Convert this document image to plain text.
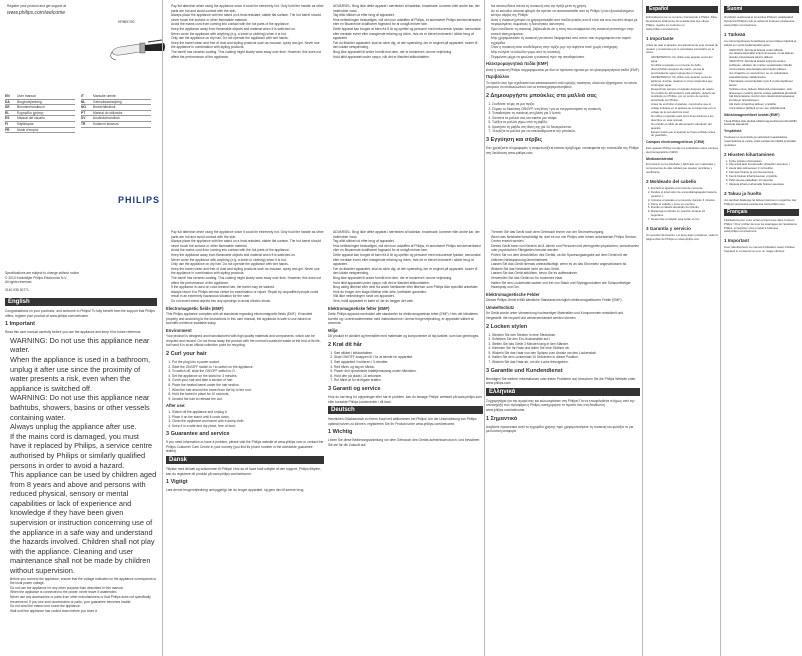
Register your product and get support at
www.philips.com/welcome
HP8697/00
EN	User manual
DA	Brugervejledning
DE	Benutzerhandbuch
EL	Εγχειρίδιο χρήσης
ES	Manual del usuario
FI	Käyttöopas
FR	Mode d'emploi
IT	Manuale utente
NL	Gebruiksaanwijzing
NO	Brukerhåndbok
PT	Manual do utilizador
SV	Användarhandbok
TR	Kullanım kılavuzu
PHILIPS
Specifications are subject to change without notice
© 2010 Koninklijke Philips Electronics N.V.
All rights reserved.
3140 035 30771
English

Congratulations on your purchase, and welcome to Philips! To fully benefit from the support that Philips offers, register your product at www.philips.com/welcome.

1 Important

Read this user manual carefully before you use the appliance and keep it for future reference.

• WARNING: Do not use this appliance near water.
• When the appliance is used in a bathroom, unplug it after use since the proximity of water presents a risk, even when the appliance is switched off.
• WARNING: Do not use this appliance near bathtubs, showers, basins or other vessels containing water.
• Always unplug the appliance after use.
• If the mains cord is damaged, you must have it replaced by Philips, a service centre authorised by Philips or similarly qualified persons in order to avoid a hazard.
• This appliance can be used by children aged from 8 years and above and persons with reduced physical, sensory or mental capabilities or lack of experience and knowledge if they have been given supervision or instruction concerning use of the appliance in a safe way and understand the hazards involved. Children shall not play with the appliance. Cleaning and user maintenance shall not be made by children without supervision.
• Before you connect the appliance, ensure that the voltage indicated on the appliance corresponds to the local power voltage.
• Do not use the appliance for any other purpose than described in this manual.
• When the appliance is connected to the power, never leave it unattended.
• Never use any accessories or parts from other manufacturers or that Philips does not specifically recommend. If you use such accessories or parts, your guarantee becomes invalid.
• Do not wind the mains cord round the appliance.
• Wait until the appliance has cooled down before you store it.
• Pay full attention when using the appliance since it could be extremely hot. Only hold the handle as other parts are hot and avoid contact with the skin.
• Always place the appliance with the stand on a heat-resistant, stable flat surface. The hot barrel should never touch the surface or other flammable material.
• Avoid the mains cord from coming into contact with the hot parts of the appliance.
• Keep the appliance away from flammable objects and material when it is switched on.
• Never cover the appliance with anything (e.g. a towel or clothing) when it is hot.
• Only use the appliance on dry hair. Do not operate the appliance with wet hands.
• Keep the barrel clean and free of dust and styling products such as mousse, spray and gel. Never use the appliance in combination with styling products.
• The barrel has ceramic coating. This coating might slowly wear away over time. However, this does not affect the performance of the appliance.
• If the appliance is used on color-treated hair, the barrel may be stained.
• Always return it to Philips service centre for examination or repair. Repair by unqualified people could result in an extremely hazardous situation for the user.
• Do not insert metal objects into any openings to avoid electric shock.
Electromagnetic fields (EMF)

This Philips appliance complies with all standards regarding electromagnetic fields (EMF). If handled properly and according to the instructions in this user manual, the appliance is safe to use based on scientific evidence available today.

Environment

Your product is designed and manufactured with high quality materials and components, which can be recycled and reused. Do not throw away the product with the normal household waste at the end of its life, but hand it in at an official collection point for recycling.

2 Curl your hair
1. Put the plug into a power socket.
2. Slide the ON/OFF switch to I to switch on the appliance.
3. To switch off, slide the ON/OFF switch to O.
4. Set the appliance on the stand for 3 minutes.
5. Comb your hair and take a section of hair.
6. Place the heated barrel under the hair section.
7. Wind the hair around the barrel from the tip to the root.
8. Hold the barrel in place for 10 seconds.
9. Unwind the hair to release the curl.
After use:
1. Switch off the appliance and unplug it.
2. Place it on the stand until it cools down.
3. Clean the appliance and barrel with a damp cloth.
4. Keep it in a safe and dry place, free of dust.
3 Guarantee and service

If you need information or have a problem, please visit the Philips website at www.philips.com or contact the Philips Customer Care Centre in your country (you find its phone number in the worldwide guarantee leaflet).

Dansk

Tillykke med dit køb og velkommen til Philips! Hvis du vil have fuldt udbytte af den support, Philips tilbyder, kan du registrere dit produkt på www.philips.com/welcome.

1 Vigtigt

Læs denne brugervejledning omhyggeligt, før du bruger apparatet, og gem den til senere brug.

• ADVARSEL: Brug ikke dette apparat i nærheden af badekar, brusebade, kummer eller andre kar, der indeholder vand.
• Tag altid stikket ud efter brug af apparatet.
• Hvis netledningen beskadiges, må den kun udskiftes af Philips, et autoriseret Philips serviceværksted eller en tilsvarende kvalificeret fagmand for at undgå enhver fare.
• Dette apparat kan bruges af børn fra 8 år og opefter og personer med reducerede fysiske, sensoriske eller mentale evner eller manglende erfaring og viden, hvis de er blevet instrueret i sikker brug af apparatet.
• Før du tilslutter apparatet, skal du sikre dig, at den spænding, der er angivet på apparatet, svarer til den lokale netspænding.
• Brug ikke apparatet til andre formål end dem, der er beskrevet i denne vejledning.
• Hold altid apparatet under opsyn, når det er tilsluttet stikkontakten.
• Brug aldrig tilbehør eller dele fra andre fabrikanter eller tilbehør, som Philips ikke specifikt anbefaler. Hvis du bruger den slags tilbehør eller dele, bortfalder garantien.
• Vikl ikke netledningen rundt om apparatet.
• Vent, indtil apparatet er kølet af, før du lægger det væk.
Elektromagnetiske felter (EMF)

Dette Philips apparat overholder alle standarder for elektromagnetiske felter (EMF). Hvis det håndteres korrekt og i overensstemmelse med instruktionerne i denne brugervejledning, er apparatet sikkert at anvende.

Miljø

Dit produkt er udviklet og fremstillet med materialer og komponenter af høj kvalitet, som kan genbruges.

2 Krøl dit hår
1. Sæt stikket i stikkontakten.
2. Skub ON/OFF-knappen til I for at tænde for apparatet.
3. Sæt apparatet i holderen i 3 minutter.
4. Red håret, og tag en hårlok.
5. Placer den opvarmede krøllejernsstang under hårlokken.
6. Hold den på plads i 10 sekunder.
7. Rul håret af for at frigøre krøllen.
3 Garanti og service

Hvis du har brug for oplysninger eller har et problem, kan du besøge Philips' websted på www.philips.com eller kontakte Philips kundecenter i dit land.

Deutsch

Herzlichen Glückwunsch zu Ihrem Kauf und willkommen bei Philips! Um die Unterstützung von Philips optimal nutzen zu können, registrieren Sie Ihr Produkt unter www.philips.com/welcome.

1 Wichtig

Lesen Sie diese Bedienungsanleitung vor dem Gebrauch des Geräts aufmerksam durch, und bewahren Sie sie für die Zukunft auf.

• Trennen Sie das Gerät nach dem Gebrauch immer von der Stromversorgung.
• Wenn das Netzkabel beschädigt ist, darf es nur von Philips oder einem autorisierten Philips Service-Center ersetzt werden.
• Dieses Gerät kann von Kindern ab 8 Jahren und Personen mit verringerten physischen, sensorischen oder psychischen Fähigkeiten benutzt werden.
• Prüfen Sie vor dem Anschließen des Geräts, ob die Spannungsangabe auf dem Gerät mit der örtlichen Netzspannung übereinstimmt.
• Lassen Sie das Gerät niemals unbeaufsichtigt, wenn es an das Stromnetz angeschlossen ist.
• Wickeln Sie das Netzkabel nicht um das Gerät.
• Lassen Sie das Gerät abkühlen, bevor Sie es aufbewahren.
• Verwenden Sie das Gerät nur für trockenes Haar.
• Halten Sie den Lockenstab sauber und frei von Staub und Stylingprodukten wie Schaumfestiger, Haarspray und Gel.
Elektromagnetische Felder

Dieses Philips Gerät erfüllt sämtliche Standards bezüglich elektromagnetischer Felder (EMF).

Umweltschutz

Ihr Gerät wurde unter Verwendung hochwertiger Materialien und Komponenten entwickelt und hergestellt, die recycelt und wiederverwendet werden können.

2 Locken stylen
1. Stecken Sie den Stecker in eine Steckdose.
2. Schieben Sie den Ein-/Ausschalter auf I.
3. Stellen Sie das Gerät 3 Minuten lang in den Ständer.
4. Kämmen Sie Ihr Haar und teilen Sie eine Strähne ab.
5. Wickeln Sie das Haar von den Spitzen zum Ansatz um den Lockenstab.
6. Halten Sie den Lockenstab 10 Sekunden in dieser Position.
7. Wickeln Sie das Haar ab, um die Locke freizugeben.
3 Garantie und Kundendienst

Benötigen Sie weitere Informationen oder treten Probleme auf, besuchen Sie die Philips Website unter www.philips.com.

Ελληνικά

Συγχαρητήρια για την αγορά σας και καλωσορίσατε στη Philips! Για να επωφεληθείτε πλήρως από την υποστήριξη που προσφέρει η Philips, καταχωρήστε το προϊόν σας στη διεύθυνση www.philips.com/welcome.

1 Σημαντικό

Διαβάστε προσεκτικά αυτό το εγχειρίδιο χρήσης πριν χρησιμοποιήσετε τη συσκευή και φυλάξτε το για μελλοντική αναφορά.

• Να αποσυνδέετε πάντα τη συσκευή από την πρίζα μετά τη χρήση.
• Αν το καλώδιο υποστεί φθορά, θα πρέπει να αντικατασταθεί από τη Philips ή ένα εξουσιοδοτημένο κέντρο σέρβις της Philips.
• Αυτή η συσκευή μπορεί να χρησιμοποιηθεί από παιδιά ηλικίας από 8 ετών και άνω και από άτομα με περιορισμένες σωματικές ή διανοητικές ικανότητες.
• Πριν συνδέσετε τη συσκευή, βεβαιωθείτε ότι η τάση που αναφέρεται στη συσκευή αντιστοιχεί στην τοπική τάση ρεύματος.
• Μην χρησιμοποιείτε τη συσκευή για σκοπό διαφορετικό από αυτόν που περιγράφεται στο παρόν εγχειρίδιο.
• Όταν η συσκευή είναι συνδεδεμένη στην πρίζα, μην την αφήνετε ποτέ χωρίς επιτήρηση.
• Μην τυλίγετε το καλώδιο γύρω από τη συσκευή.
• Περιμένετε μέχρι να κρυώσει η συσκευή πριν την αποθηκεύσετε.
Ηλεκτρομαγνητικά πεδία (EMF)

Αυτή η συσκευή Philips συμμορφώνεται με όλα τα πρότυπα σχετικά με τα ηλεκτρομαγνητικά πεδία (EMF).

Περιβάλλον

Το προϊόν σας έχει σχεδιαστεί και κατασκευαστεί από υψηλής ποιότητας υλικά και εξαρτήματα, τα οποία μπορούν να ανακυκλωθούν και να επαναχρησιμοποιηθούν.

2 Δημιουργήστε μπούκλες στα μαλλιά σας
1. Συνδέστε το φις σε μια πρίζα.
2. Σύρετε το διακόπτη ON/OFF στη θέση I για να ενεργοποιήσετε τη συσκευή.
3. Τοποθετήστε τη συσκευή στη βάση για 3 λεπτά.
4. Χτενίστε τα μαλλιά σας και πιάστε μια τούφα.
5. Τυλίξτε τα μαλλιά γύρω από τη ράβδο.
6. Κρατήστε τη ράβδο στη θέση της για 10 δευτερόλεπτα.
7. Ξετυλίξτε τα μαλλιά για να απελευθερώσετε την μπούκλα.
3 Εγγύηση και σέρβις

Εάν χρειάζεστε πληροφορίες ή αντιμετωπίζετε κάποιο πρόβλημα, επισκεφτείτε την ιστοσελίδα της Philips στη διεύθυνση www.philips.com.

• Pay full attention when using the appliance since it could be extremely hot. Only hold the handle as other parts are hot and avoid contact with the skin.
• Always place the appliance with the stand on a heat-resistant, stable flat surface. The hot barrel should never touch the surface or other flammable material.
• Avoid the mains cord from coming into contact with the hot parts of the appliance.
• Keep the appliance away from flammable objects and material when it is switched on.
• Never cover the appliance with anything (e.g. a towel or clothing) when it is hot.
• Only use the appliance on dry hair. Do not operate the appliance with wet hands.
• Keep the barrel clean and free of dust and styling products such as mousse, spray and gel. Never use the appliance in combination with styling products.
• The barrel has ceramic coating. This coating might slowly wear away over time. However, this does not affect the performance of the appliance.
• ADVARSEL: Brug ikke dette apparat i nærheden af badekar, brusebade, kummer eller andre kar, der indeholder vand.
• Tag altid stikket ud efter brug af apparatet.
• Hvis netledningen beskadiges, må den kun udskiftes af Philips, et autoriseret Philips serviceværksted eller en tilsvarende kvalificeret fagmand for at undgå enhver fare.
• Dette apparat kan bruges af børn fra 8 år og opefter og personer med reducerede fysiske, sensoriske eller mentale evner eller manglende erfaring og viden, hvis de er blevet instrueret i sikker brug af apparatet.
• Før du tilslutter apparatet, skal du sikre dig, at den spænding, der er angivet på apparatet, svarer til den lokale netspænding.
• Brug ikke apparatet til andre formål end dem, der er beskrevet i denne vejledning.
• Hold altid apparatet under opsyn, når det er tilsluttet stikkontakten.
Español

Enhorabuena por su compra y bienvenido a Philips. Para beneficiarse totalmente de la asistencia que ofrece Philips, registre su producto en www.philips.com/welcome.

1 Importante

Antes de usar el aparato, lea atentamente este manual de usuario y consérvelo por si necesitara consultarlo en el futuro.

• ADVERTENCIA: No utilice este aparato cerca del agua.
• Si utiliza el aparato en el cuarto de baño, desenchúfelo después de usarlo, ya que la proximidad de agua representa un riesgo.
• ADVERTENCIA: No utilice este aparato cerca de bañeras, duchas, lavabos ni otros recipientes que contengan agua.
• Desenchufe siempre el aparato después de usarlo.
• Si el cable de alimentación está dañado, deberá ser sustituido por Philips, por un centro de servicio autorizado por Philips.
• Antes de enchufar el aparato, compruebe que el voltaje indicado en el aparato se corresponde con el voltaje de la red eléctrica local.
• No utilice el aparato para otros fines distintos a los descritos en este manual.
• No enrolle el cable de alimentación alrededor del aparato.
• Espere hasta que el aparato se haya enfriado antes de guardarlo.
Campos electromagnéticos (CEM)

Este aparato Philips cumple los estándares sobre campos electromagnéticos (CEM).

Medioambiental

El producto se ha diseñado y fabricado con materiales y componentes de alta calidad que pueden reciclarse y reutilizarse.

2 Moldeado del cabello
1. Enchufe el aparato a la toma de corriente.
2. Deslice el interruptor de encendido/apagado hasta la posición I.
3. Coloque el aparato en el soporte durante 3 minutos.
4. Peine el cabello y tome un mechón.
5. Enrolle el cabello alrededor del cilindro.
6. Mantenga el cilindro en posición durante 10 segundos.
7. Desenrolle el cabello para soltar el rizo.
3 Garantía y servicio

Si necesita información o si tiene algún problema, visite la página Web de Philips en www.philips.com.

Suomi

Onnittelut ostoksesta ja tervetuloa Philipsin asiakkaaksi! Hyödynnä Philipsin tuki ja rekisteröi tuotteesi osoitteessa www.philips.com/welcome.

1 Tärkeää

Lue tämä käyttöopas huolellisesti ennen laitteen käyttöä ja säilytä se myöhempää käyttöä varten.

• VAROITUS: Älä käytä laitetta veden lähellä.
• Jos laitetta käytetään kylpyhuoneessa, irrota laitteen pistoke pistorasiasta käytön jälkeen.
• VAROITUS: Älä käytä laitetta kylpyammeiden, suihkujen, altaiden tai muiden vesiastioiden lähellä.
• Irrota pistoke pistorasiasta aina käytön jälkeen.
• Jos virtajohto on vaurioitunut, se on vaihdettava vaaratilanteiden välttämiseksi.
• Tätä laitetta voivat käyttää myös 8 vuotta täyttäneet lapset.
• Tarkista ennen laitteen liittämistä pistorasiaan, että laitteeseen merkitty jännite vastaa paikallista jännitettä.
• Älä käytä laitetta muuhun kuin tässä käyttöoppaassa kuvattuun tarkoitukseen.
• Älä kiedo virtajohtoa laitteen ympärille.
• Anna laitteen jäähtyä ennen sen säilyttämistä.
Sähkömagneettiset kentät (EMF)

Tämä Philips-laite täyttää sähkömagneettisia kenttiä (EMF) koskevat standardit.

Ympäristö

Tuotteesi on suunniteltu ja valmistettu laadukkaista materiaaleista ja osista, jotka voidaan kierrättää ja käyttää uudelleen.

2 Hiusten kihartaminen
1. Kytke pistoke pistorasiaan.
2. Käynnistä laite liu'uttamalla virtakytkin asentoon I.
3. Aseta laite telineeseen 3 minuutiksi.
4. Kampaa hiukset ja ota hiussuortuva.
5. Kierrä hiukset kiharrinsauvan ympärille.
6. Pidä sauvaa paikallaan 10 sekuntia.
7. Vapauta kihara purkamalla hiukset sauvasta.
3 Takuu ja huolto

Jos tarvitset lisätietoja tai laitteen kanssa on ongelmia, käy Philipsin sivustossa osoitteessa www.philips.com.

Français

Félicitations pour votre achat et bienvenue dans l'univers Philips ! Pour profiter de tous les avantages de l'assistance Philips, enregistrez votre produit à l'adresse www.philips.com/welcome.

1 Important

Lisez attentivement ce manuel d'utilisation avant d'utiliser l'appareil et conservez-le pour un usage ultérieur.
